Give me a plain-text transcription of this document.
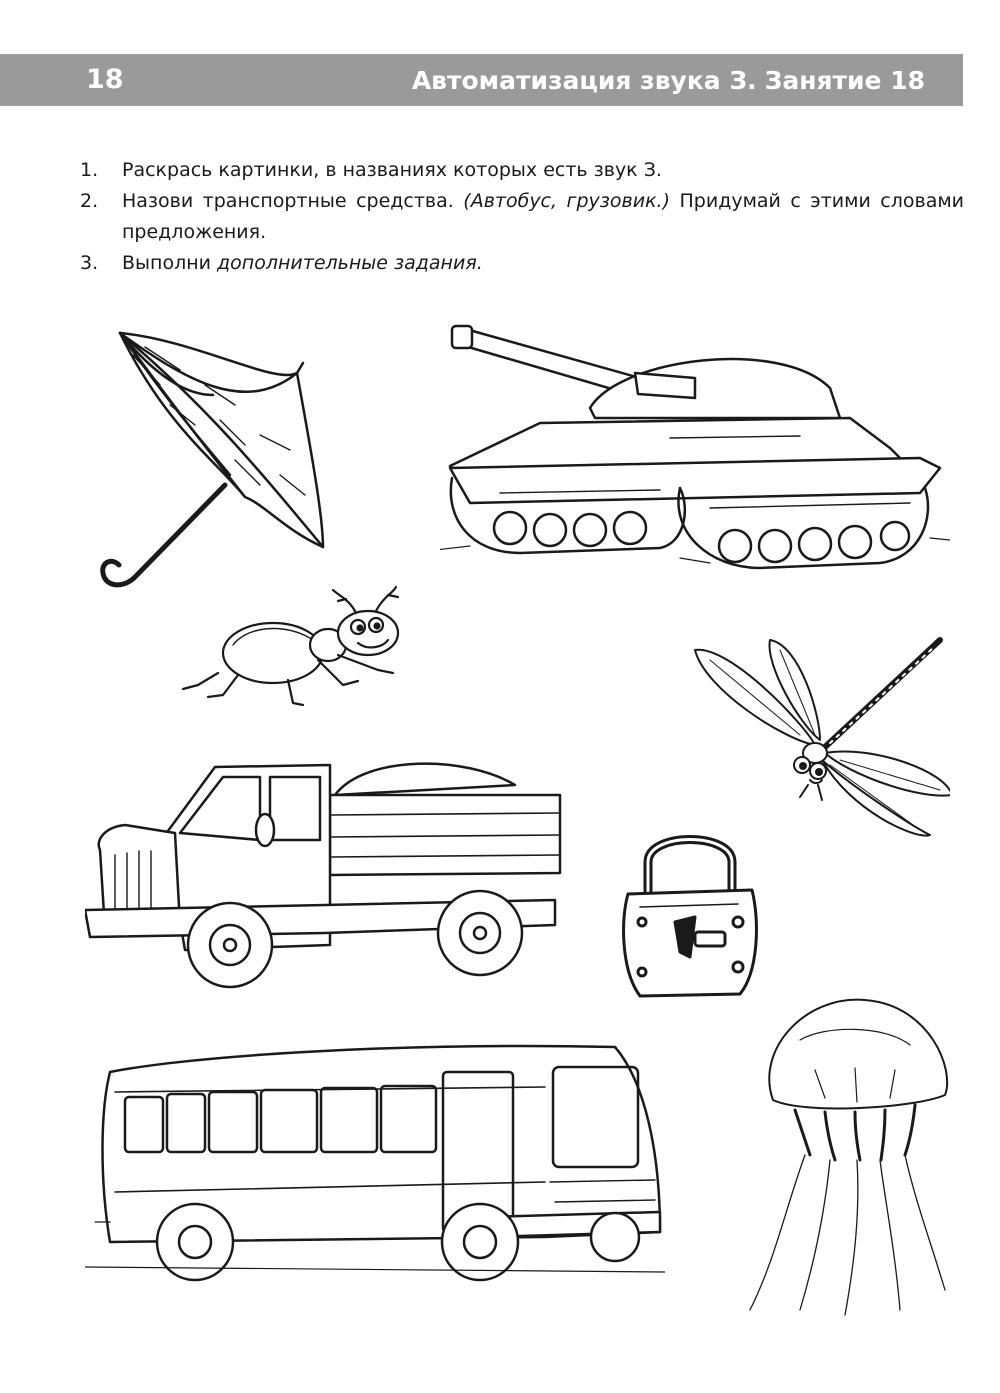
18	Автоматизация звука З. Занятие 18
1. Раскрась картинки, в названиях которых есть звук З.
2. Назови транспортные средства. (Автобус, грузовик.) Придумай с этими словами предложения.
3. Выполни дополнительные задания.
